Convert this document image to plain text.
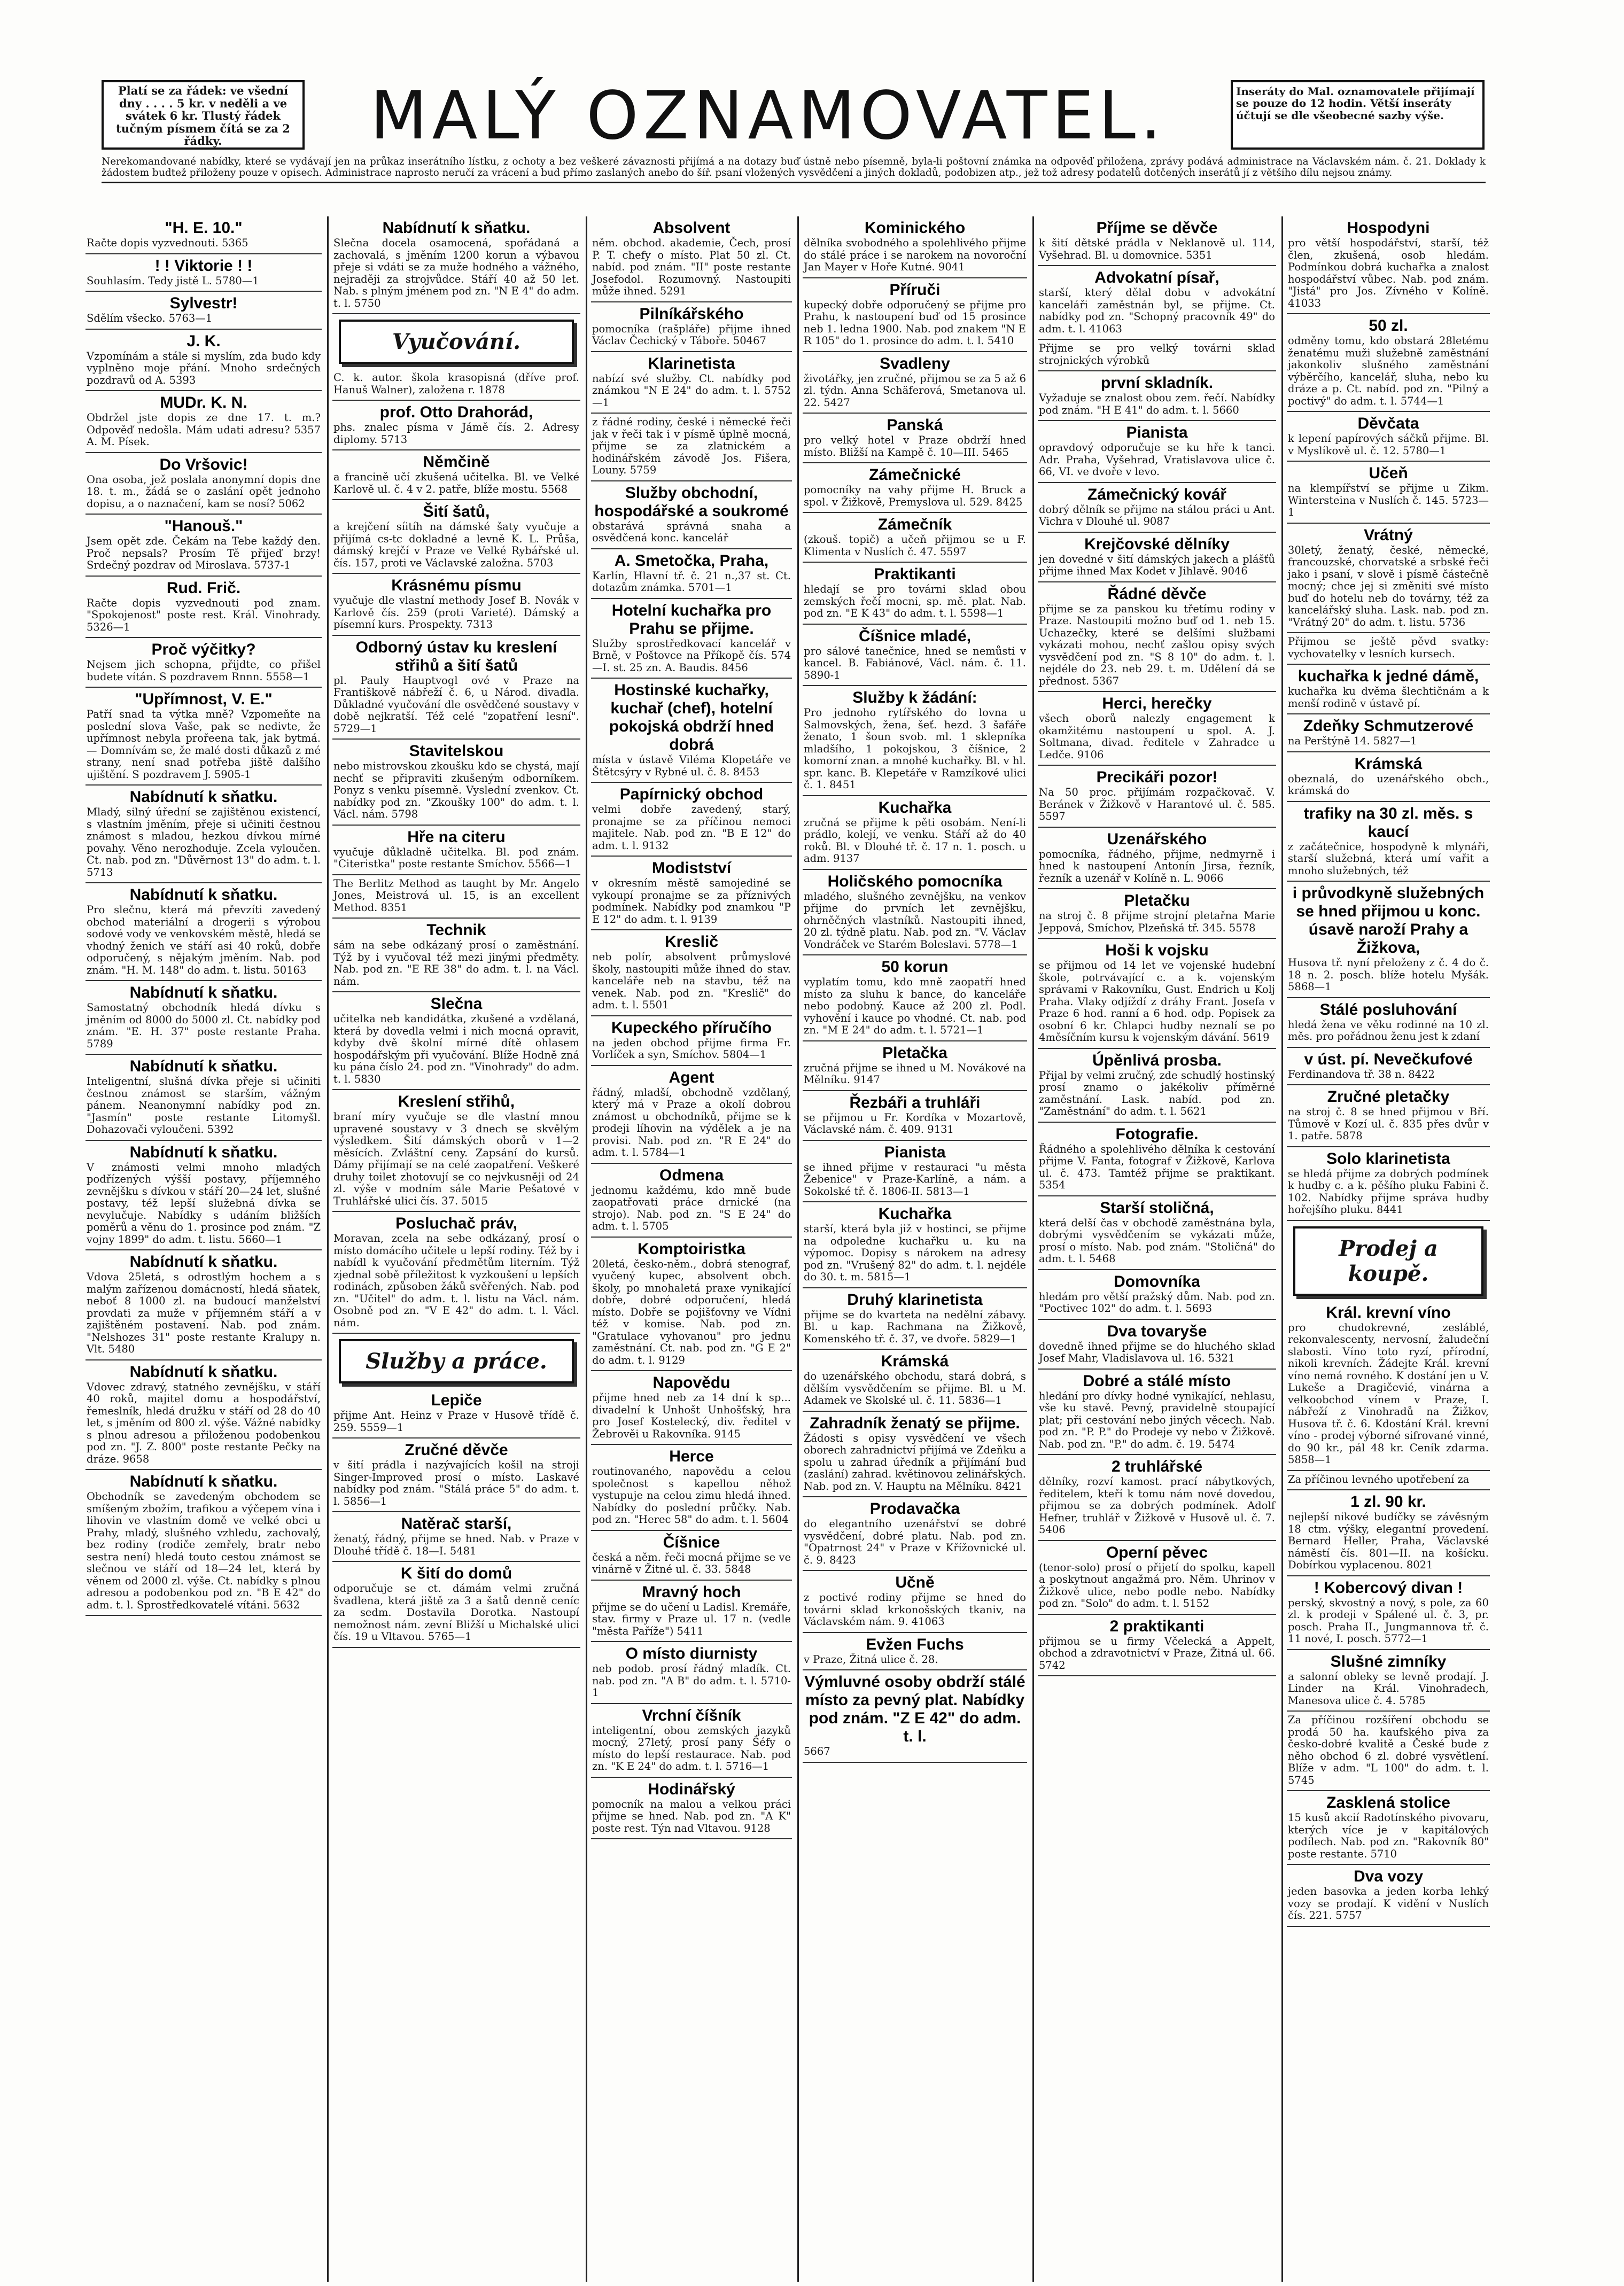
Platí se za řádek: ve všední dny . . . . 5 kr. v neděli a ve svátek 6 kr. Tlustý řádek tučným písmem čítá se za 2 řádky.	MALÝ OZNAMOVATEL.	Inseráty do Mal. oznamovatele přijímají se pouze do 12 hodin. Větší inseráty účtují se dle všeobecné sazby výše.
Nerekomandované nabídky, které se vydávají jen na průkaz inserátního lístku, z ochoty a bez veškeré závaznosti přijímá a na dotazy buď ústně nebo písemně, byla-li poštovní známka na odpověď přiložena, zprávy podává administrace na Václavském nám. č. 21. Doklady k žádostem budtež přiloženy pouze v opisech. Administrace naprosto neručí za vrácení a bud přímo zaslaných anebo do šíř. psaní vložených vysvědčení a jiných dokladů, podobizen atp., jež tož adresy podatelů dotčených inserátů jí z většího dílu nejsou známy.
"H. E. 10."
Račte dopis vyzvednouti. 5365
! ! Viktorie ! !
Souhlasím. Tedy jistě L. 5780—1
Sylvestr!
Sdělím všecko. 5763—1
J. K.
Vzpomínám a stále si myslím, zda budo kdy vyplněno moje přání. Mnoho srdečných pozdravů od A. 5393
MUDr. K. N.
Obdržel jste dopis ze dne 17. t. m.? Odpověď nedošla. Mám udati adresu? 5357 A. M. Písek.
Do Vršovic!
Ona osoba, jež poslala anonymní dopis dne 18. t. m., žádá se o zaslání opět jednoho dopisu, a o naznačení, kam se nosí? 5062
"Hanouš."
Jsem opět zde. Čekám na Tebe každý den. Proč nepsals? Prosím Tě přijeď brzy! Srdečný pozdrav od Miroslava. 5737-1
Rud. Frič.
Račte dopis vyzvednouti pod znam. "Spokojenost" poste rest. Král. Vinohrady. 5326—1
Proč výčitky?
Nejsem jich schopna, přijdte, co přišel budete vítán. S pozdravem Rnnn. 5558—1
"Upřímnost, V. E."
Patří snad ta výtka mně? Vzpomeňte na poslední slova Vaše, pak se nedivte, že upřímnost nebyla prořeena tak, jak bytmá. — Domnívám se, že malé dosti důkazů z mé strany, není snad potřeba jiště dalšího ujištění. S pozdravem J. 5905-1
Nabídnutí k sňatku.
Mladý, silný úřední se zajištěnou existencí, s vlastním jměním, přeje si učiniti čestnou známost s mladou, hezkou dívkou mírné povahy. Věno nerozhoduje. Zcela vyloučen. Ct. nab. pod zn. "Důvěrnost 13" do adm. t. l. 5713
Nabídnutí k sňatku.
Pro slečnu, která má převzíti zavedený obchod materiální a drogerii s výrobou sodové vody ve venkovském městě, hledá se vhodný ženich ve stáří asi 40 roků, dobře odporučený, s nějakým jměním. Nab. pod znám. "H. M. 148" do adm. t. listu. 50163
Nabídnutí k sňatku.
Samostatný obchodník hledá dívku s jměním od 8000 do 5000 zl. Ct. nabídky pod znám. "E. H. 37" poste restante Praha. 5789
Nabídnutí k sňatku.
Inteligentní, slušná dívka přeje si učiniti čestnou známost se starším, vážným pánem. Neanonymní nabídky pod zn. "Jasmín" poste restante Litomyšl. Dohazovači vyloučeni. 5392
Nabídnutí k sňatku.
V známosti velmi mnoho mladých podřízených výšší postavy, příjemného zevnějšku s dívkou v stáří 20—24 let, slušné postavy, též lepší služebná dívka se nevylučuje. Nabídky s udáním bližších poměrů a věnu do 1. prosince pod znám. "Z vojny 1899" do adm. t. listu. 5660—1
Nabídnutí k sňatku.
Vdova 25letá, s odrostlým hochem a s malým zařízenou domácností, hledá sňatek, neboť 8 1000 zl. na budoucí manželství provdati za muže v příjemném stáří a v zajištěném postavení. Nab. pod znám. "Nelshozes 31" poste restante Kralupy n. Vlt. 5480
Nabídnutí k sňatku.
Vdovec zdravý, statného zevnějšku, v stáří 40 roků, majitel domu a hospodářství, řemeslník, hledá družku v stáří od 28 do 40 let, s jměním od 800 zl. výše. Vážné nabídky s plnou adresou a přiloženou podobenkou pod zn. "J. Z. 800" poste restante Pečky na dráze. 9658
Nabídnutí k sňatku.
Obchodník se zavedeným obchodem se smíšeným zbožím, trafikou a výčepem vína i lihovin ve vlastním domě ve velké obci u Prahy, mladý, slušného vzhledu, zachovalý, bez rodiny (rodiče zemřely, bratr nebo sestra není) hledá touto cestou známost se slečnou ve stáří od 18—24 let, která by věnem od 2000 zl. výše. Ct. nabídky s plnou adresou a podobenkou pod zn. "B E 42" do adm. t. l. Sprostředkovatelé vítáni. 5632
Nabídnutí k sňatku.
Slečna docela osamocená, spořádaná a zachovalá, s jměním 1200 korun a výbavou přeje si vdáti se za muže hodného a vážného, nejraději za strojvůdce. Stáří 40 až 50 let. Nab. s plným jménem pod zn. "N E 4" do adm. t. l. 5750
Vyučování.
C. k. autor. škola krasopisná (dříve prof. Hanuš Walner), založena r. 1878
prof. Otto Drahorád,
phs. znalec písma v Jámě čís. 2. Adresy diplomy. 5713
Němčině
a francině učí zkušená učitelka. Bl. ve Velké Karlově ul. č. 4 v 2. patře, blíže mostu. 5568
Šití šatů,
a krejčení síitíh na dámské šaty vyučuje a přijímá cs-tc dokladné a levně K. L. Průša, dámský krejčí v Praze ve Velké Rybářské ul. čís. 157, proti ve Václavské založna. 5703
Krásnému písmu
vyučuje dle vlastní methody Josef B. Novák v Karlově čís. 259 (proti Varieté). Dámský a písemní kurs. Prospekty. 7313
Odborný ústav ku kreslení střihů a šití šatů
pl. Pauly Hauptvogl ové v Praze na Františkově nábřeží č. 6, u Národ. divadla. Důkladné vyučování dle osvědčené soustavy v době nejkratší. Též celé "zopatření lesní". 5729—1
Stavitelskou
nebo mistrovskou zkoušku kdo se chystá, mají nechť se připraviti zkušeným odborníkem. Ponyz s venku písemně. Vyslední zvenkov. Ct. nabídky pod zn. "Zkoušky 100" do adm. t. l. Václ. nám. 5798
Hře na citeru
vyučuje důkladně učitelka. Bl. pod znám. "Citeristka" poste restante Smíchov. 5566—1
The Berlitz Method as taught by Mr. Angelo Jones, Meistrová ul. 15, is an excellent Method. 8351
Technik
sám na sebe odkázaný prosí o zaměstnání. Týž by i vyučoval též mezi jinými předměty. Nab. pod zn. "E RE 38" do adm. t. l. na Václ. nám.
Slečna
učitelka neb kandidátka, zkušené a vzdělaná, která by dovedla velmi i nich mocná opravit, kdyby dvě školní mírné dítě ohlasem hospodářským při vyučování. Blíže Hodně zná ku pána číslo 24. pod zn. "Vinohrady" do adm. t. l. 5830
Kreslení střihů,
braní míry vyučuje se dle vlastní mnou upravené soustavy v 3 dnech se skvělým výsledkem. Šití dámských oborů v 1—2 měsících. Zvláštní ceny. Zapsání do kursů. Dámy přijímají se na celé zaopatření. Veškeré druhy toilet zhotovují se co nejvkusněji od 24 zl. výše v modním sále Marie Pešatové v Truhlářské ulici čís. 37. 5015
Posluchač práv,
Moravan, zcela na sebe odkázaný, prosí o místo domácího učitele u lepší rodiny. Též by i nabídl k vyučování předmětům literním. Týž zjednal sobě příležitost k vyzkoušení u lepších rodinách, způsoben žáků svěřených. Nab. pod zn. "Učitel" do adm. t. l. listu na Václ. nám. Osobně pod zn. "V E 42" do adm. t. l. Václ. nám.
Služby a práce.
Lepiče
přijme Ant. Heinz v Praze v Husově třídě č. 259. 5559—1
Zručné děvče
v šití prádla i nazývajících košil na stroji Singer-Improved prosí o místo. Laskavé nabídky pod znám. "Stálá práce 5" do adm. t. l. 5856—1
Natěrač starší,
ženatý, řádný, přijme se hned. Nab. v Praze v Dlouhé třídě č. 18—I. 5481
K šití do domů
odporučuje se ct. dámám velmi zručná švadlena, která jiště za 3 a šatů denně ceníc za sedm. Dostavila Dorotka. Nastoupí nemožnost nám. zevní Bližší u Michalské ulici čís. 19 u Vltavou. 5765—1
Absolvent
něm. obchod. akademie, Čech, prosí P. T. chefy o místo. Plat 50 zl. Ct. nabíd. pod znám. "II" poste restante Josefodol. Rozumovný. Nastoupiti může ihned. 5291
Pilníkářského
pomocníka (rašpláře) přijme ihned Václav Čechický v Táboře. 50467
Klarinetista
nabízí své služby. Ct. nabídky pod známkou "N E 24" do adm. t. l. 5752—1
z řádné rodiny, české i německé řeči jak v řeči tak i v písmě úplně mocná, přijme se za zlatnickém a hodinářském závodě Jos. Fišera, Louny. 5759
Služby obchodní, hospodářské a soukromé
obstarává správná snaha a osvědčená konc. kancelář
A. Smetočka, Praha,
Karlín, Hlavní tř. č. 21 n.,37 st. Ct. dotazům známka. 5701—1
Hotelní kuchařka pro Prahu se přijme.
Služby sprostředkovací kancelář v Brně, v Poštovce na Příkopě čís. 574—I. st. 25 zn. A. Baudis. 8456
Hostinské kuchařky, kuchař (chef), hotelní pokojská obdrží hned dobrá
místa v ústavě Viléma Klopetáře ve Štětcsýry v Rybné ul. č. 8. 8453
Papírnický obchod
velmi dobře zavedený, starý, pronajme se za příčinou nemoci majitele. Nab. pod zn. "B E 12" do adm. t. l. 9132
Modistství
v okresním městě samojediné se vykoupí pronajme se za příznivých podmínek. Nabídky pod znamkou "P E 12" do adm. t. l. 9139
Kreslič
neb polír, absolvent průmyslové školy, nastoupiti může ihned do stav. kanceláře neb na stavbu, též na venek. Nab. pod zn. "Kreslič" do adm. t. l. 5501
Kupeckého příručího
na jeden obchod přijme firma Fr. Vorlíček a syn, Smíchov. 5804—1
Agent
řádný, mladší, obchodně vzdělaný, který má v Praze a okolí dobrou známost u obchodníků, přijme se k prodeji líhovin na výdělek a je na provisi. Nab. pod zn. "R E 24" do adm. t. l. 5784—1
Odmena
jednomu každému, kdo mně bude zaopatřovati práce drnické (na strojo). Nab. pod zn. "S E 24" do adm. t. l. 5705
Komptoiristka
20letá, česko-něm., dobrá stenograf, vyučený kupec, absolvent obch. školy, po mnohaletá praxe vynikající dobře, dobré odporučení, hledá místo. Dobře se pojišťovny ve Vídni též v komise. Nab. pod zn. "Gratulace vyhovanou" pro jednu zaměstnání. Ct. nab. pod zn. "G E 2" do adm. t. l. 9129
Napovědu
přijme hned neb za 14 dní k sp... divadelní k Unhošt Unhošťský, hra pro Josef Kostelecký, div. ředitel v Žebrověi u Rakovníka. 9145
Herce
routinovaného, napovědu a celou společnost s kapellou něhož vystupuje na celou zimu hledá ihned. Nabídky do poslední průčky. Nab. pod zn. "Herec 58" do adm. t. l. 5604
Číšnice
česká a něm. řeči mocná přijme se ve vinárně v Žitné ul. č. 33. 5848
Mravný hoch
přijme se do učení u Ladisl. Kremáře, stav. firmy v Praze ul. 17 n. (vedle "města Paříže") 5411
O místo diurnisty
neb podob. prosí řádný mladík. Ct. nab. pod zn. "A B" do adm. t. l. 5710-1
Vrchní číšník
inteligentní, obou zemských jazyků mocný, 27letý, prosí pany Šéfy o místo do lepší restaurace. Nab. pod zn. "K E 24" do adm. t. l. 5716—1
Hodinářský
pomocník na malou a velkou práci přijme se hned. Nab. pod zn. "A K" poste rest. Týn nad Vltavou. 9128
Kominického
dělníka svobodného a spolehlivého přijme do stálé práce i se narokem na novoroční Jan Mayer v Hoře Kutné. 9041
Příruči
kupecký dobře odporučený se přijme pro Prahu, k nastoupení buď od 15 prosince neb 1. ledna 1900. Nab. pod znakem "N E R 105" do 1. prosince do adm. t. l. 5410
Svadleny
životářky, jen zručné, přijmou se za 5 až 6 zl. týdn. Anna Schäferová, Smetanova ul. 22. 5427
Panská
pro velký hotel v Praze obdrží hned místo. Bližší na Kampě č. 10—III. 5465
Zámečnické
pomocníky na vahy přijme H. Bruck a spol. v Žižkově, Premyslova ul. 529. 8425
Zámečník
(zkouš. topič) a učeň přijmou se u F. Klimenta v Nuslích č. 47. 5597
Praktikanti
hledají se pro továrni sklad obou zemských řečí mocni, sp. mě. plat. Nab. pod zn. "E K 43" do adm. t. l. 5598—1
Číšnice mladé,
pro sálové tanečnice, hned se nemůsti v kancel. B. Fabiánové, Václ. nám. č. 11. 5890-1
Služby k žádání:
Pro jednoho rytířského do lovna u Salmovských, žena, šeť. hezd. 3 šafáře ženato, 1 šoun svob. ml. 1 sklepníka mladšího, 1 pokojskou, 3 číšnice, 2 komorní znan. a mnohé kuchařky. Bl. v hl. spr. kanc. B. Klepetáře v Ramzíkové ulici č. 1. 8451
Kuchařka
zručná se přijme k pěti osobám. Není-li prádlo, kolejí, ve venku. Stáří až do 40 roků. Bl. v Dlouhé tř. č. 17 n. 1. posch. u adm. 9137
Holičského pomocníka
mladého, slušného zevnějšku, na venkov přijme do prvních let zevnějšku, ohrněčných vlastníků. Nastoupiti ihned, 20 zl. týdně platu. Nab. pod zn. "V. Václav Vondráček ve Starém Boleslavi. 5778—1
50 korun
vyplatím tomu, kdo mně zaopatří hned místo za sluhu k bance, do kanceláře nebo podobný. Kauce až 200 zl. Podl. vyhovění i kauce po vhodné. Ct. nab. pod zn. "M E 24" do adm. t. l. 5721—1
Pletačka
zručná přijme se ihned u M. Novákové na Mělníku. 9147
Řezbáři a truhláři
se přijmou u Fr. Kordíka v Mozartově, Václavské nám. č. 409. 9131
Pianista
se ihned přijme v restauraci "u města Žebenice" v Praze-Karlíně, a nám. a Sokolské tř. č. 1806-II. 5813—1
Kuchařka
starší, která byla již v hostinci, se přijme na odpoledne kuchařku u. ku na výpomoc. Dopisy s nárokem na adresy pod zn. "Vrušený 82" do adm. t. l. nejdéle do 30. t. m. 5815—1
Druhý klarinetista
přijme se do kvarteta na nedělní zábavy. Bl. u kap. Rachmana na Žižkově, Komenského tř. č. 37, ve dvoře. 5829—1
Krámská
do uzenářského obchodu, stará dobrá, s dělším vysvědčením se přijme. Bl. u M. Adamek ve Skolské ul. č. 11. 5836—1
Zahradník ženatý se přijme.
Žádosti s opisy vysvědčení ve všech oborech zahradnictví přijímá ve Zdeňku a spolu u zahrad úředník a přijímání bud (zaslání) zahrad. květinovou zelinářských. Nab. pod zn. V. Hauptu na Mělníku. 8421
Prodavačka
do elegantního uzenářství se dobré vysvědčení, dobré platu. Nab. pod zn. "Opatrnost 24" v Praze v Křížovnické ul. č. 9. 8423
Učně
z poctivé rodiny přijme se hned do továrni sklad krkonošských tkaniv, na Václavském nám. 9. 41063
Evžen Fuchs
v Praze, Žitná ulice č. 28.
Výmluvné osoby obdrží stálé místo za pevný plat. Nabídky pod znám. "Z E 42" do adm. t. l.
5667
Příjme se děvče
k šití dětské prádla v Neklanově ul. 114, Vyšehrad. Bl. u domovnice. 5351
Advokatní písař,
starší, který dělal dobu v advokátní kanceláři zaměstnán byl, se přijme. Ct. nabídky pod zn. "Schopný pracovník 49" do adm. t. l. 41063
Přijme se pro velký továrni sklad strojnických výrobků
první skladník.
Vyžaduje se znalost obou zem. řečí. Nabídky pod znám. "H E 41" do adm. t. l. 5660
Pianista
opravdový odporučuje se ku hře k tanci. Adr. Praha, Vyšehrad, Vratislavova ulice č. 66, VI. ve dvoře v levo.
Zámečnický kovář
dobrý dělník se přijme na stálou práci u Ant. Vichra v Dlouhé ul. 9087
Krejčovské dělníky
jen dovedné v šití dámských jakech a plášťů přijme ihned Max Kodet v Jihlavě. 9046
Řádné děvče
přijme se za panskou ku třetímu rodiny v Praze. Nastoupiti možno buď od 1. neb 15. Uchazečky, které se delšími službami vykázati mohou, nechť zašlou opisy svých vysvědčení pod zn. "S 8 10" do adm. t. l. nejdéle do 23. neb 29. t. m. Udělení dá se přednost. 5367
Herci, herečky
všech oborů nalezly engagement k okamžitému nastoupení u spol. A. J. Soltmana, divad. ředitele v Zahradce u Ledče. 9106
Precikáři pozor!
Na 50 proc. přijímám rozpačkovač. V. Beránek v Žižkově v Harantové ul. č. 585. 5597
Uzenářského
pomocníka, řádného, přijme, nedmyrně i hned k nastoupení Antonín Jirsa, řezník, řezník a uzenář v Kolíně n. L. 9066
Pletačku
na stroj č. 8 přijme strojní pletařna Marie Jeppová, Smíchov, Plzeňská tř. 345. 5578
Hoši k vojsku
se přijmou od 14 let ve vojenské hudební škole, potrvávající c. a k. vojenským správami v Rakovníku, Gust. Endrich u Kolj Praha. Vlaky odjíždí z dráhy Frant. Josefa v Praze 6 hod. ranní a 6 hod. odp. Popisek za osobní 6 kr. Chlapci hudby neznalí se po 4měsíčním kursu k vojenským dávání. 5619
Úpěnlivá prosba.
Přijal by velmi zručný, zde schudlý hostinský prosí znamo o jakékoliv příměrné zaměstnání. Lask. nabíd. pod zn. "Zaměstnání" do adm. t. l. 5621
Fotografie.
Řádného a spolehlivého dělníka k cestování přijme V. Fanta, fotograf v Žižkově, Karlova ul. č. 473. Tamtéž přijme se praktikant. 5354
Starší stoličná,
která delší čas v obchodě zaměstnána byla, dobrými vysvědčením se vykázati může, prosí o místo. Nab. pod znám. "Stoličná" do adm. t. l. 5468
Domovníka
hledám pro větší pražský dům. Nab. pod zn. "Poctivec 102" do adm. t. l. 5693
Dva tovaryše
dovedně ihned přijme se do hluchého sklad Josef Mahr, Vladislavova ul. 16. 5321
Dobré a stálé místo
hledání pro dívky hodné vynikající, nehlasu, vše ku stavě. Pevný, pravidelně stoupající plat; při cestování nebo jiných věcech. Nab. pod zn. "P. P." do Prodeje vy nebo v Žižkově. Nab. pod zn. "P." do adm. č. 19. 5474
2 truhlářské
dělníky, rozví kamost. prací nábytkových, ředitelem, kteří k tomu nám nové dovedou, přijmou se za dobrých podmínek. Adolf Hefner, truhlář v Žižkově v Husově ul. č. 7. 5406
Operní pěvec
(tenor-solo) prosí o přijetí do spolku, kapell a poskytnout angažmá pro. Něm. Uhrinov v Žižkově ulice, nebo podle nebo. Nabídky pod zn. "Solo" do adm. t. l. 5152
2 praktikanti
přijmou se u firmy Včelecká a Appelt, obchod a zdravotnictví v Praze, Žitná ul. 66. 5742
Hospodyni
pro větší hospodářství, starší, též člen, zkušená, osob hledám. Podmínkou dobrá kuchařka a znalost hospodářství vůbec. Nab. pod znám. "Jistá" pro Jos. Zívného v Kolíně. 41033
50 zl.
odměny tomu, kdo obstará 28letému ženatému muži služebně zaměstnání jakonkoliv slušného zaměstnání výběrčího, kancelář, sluha, nebo ku dráze a p. Ct. nabíd. pod zn. "Pilný a poctivý" do adm. t. l. 5744—1
Děvčata
k lepení papírových sáčků přijme. Bl. v Myslíkově ul. č. 12. 5780—1
Učeň
na klempířství se přijme u Zikm. Wintersteina v Nuslích č. 145. 5723—1
Vrátný
30letý, ženatý, české, německé, francouzské, chorvatské a srbské řeči jako i psaní, v slově i písmě částečně mocný; chce jej si změniti své místo buď do hotelu neb do továrny, též za kancelářský sluha. Lask. nab. pod zn. "Vrátný 20" do adm. t. listu. 5736
Přijmou se ještě pěvd svatky: vychovatelky v lesních kursech.
kuchařka k jedné dámě,
kuchařka ku dvěma šlechtičnám a k menší rodině v ústavě pí.
Zdeňky Schmutzerové
na Perštýně 14. 5827—1
Krámská
obeznalá, do uzenářského obch., krámská do
trafiky na 30 zl. měs. s kaucí
z začátečnice, hospodyně k mlynáři, starší služebná, která umí vařit a mnoho služebných, též
i průvodkyně služebných se hned přijmou u konc. úsavě naroží Prahy a Žižkova,
Husova tř. nyní přeloženy z č. 4 do č. 18 n. 2. posch. blíže hotelu Myšák. 5868—1
Stálé posluhování
hledá žena ve věku rodinné na 10 zl. měs. pro pořádnou ženu jest k zdaní
v úst. pí. Nevečkufové
Ferdinandova tř. 38 n. 8422
Zručné pletačky
na stroj č. 8 se hned přijmou v Bří. Tůmově v Kozí ul. č. 835 přes dvůr v 1. patře. 5878
Solo klarinetista
se hledá přijme za dobrých podmínek k hudby c. a k. pěšího pluku Fabini č. 102. Nabídky přijme správa hudby hořejšího pluku. 8441
Prodej a koupě.
Král. krevní víno
pro chudokrevné, zesláblé, rekonvalescenty, nervosní, žaludeční slabosti. Víno toto ryzí, přírodní, nikoli krevních. Žádejte Král. krevní víno nemá rovného. K dostání jen u V. Lukeše a Dragičevié, vinárna a velkoobchod vínem v Praze, I. nábřeží z Vinohradů na Žižkov, Husova tř. č. 6. Kdostání Král. krevní víno - prodej výborné sifrované vinné, do 90 kr., pál 48 kr. Ceník zdarma. 5858—1
Za příčinou levného upotřebení za
1 zl. 90 kr.
nejlepší nikové budíčky se závěsným 18 ctm. výšky, elegantní provedení. Bernard Heller, Praha, Václavské náměstí čís. 801—II. na košícku. Dobírkou vyplacenou. 8021
! Kobercový divan !
perský, skvostný a nový, s pole, za 60 zl. k prodeji v Spálené ul. č. 3, pr. posch. Praha II., Jungmannova tř. č. 11 nové, I. posch. 5772—1
Slušné zimníky
a salonní obleky se levně prodají. J. Linder na Král. Vinohradech, Manesova ulice č. 4. 5785
Za příčinou rozšíření obchodu se prodá 50 ha. kaufského piva za česko-dobré kvalitě a České bude z něho obchod 6 zl. dobré vysvětlení. Blíže v adm. "L 100" do adm. t. l. 5745
Zasklená stolice
15 kusů akcií Radotínského pivovaru, kterých více je v kapitálových podílech. Nab. pod zn. "Rakovník 80" poste restante. 5710
Dva vozy
jeden basovka a jeden korba lehký vozy se prodají. K vidění v Nuslích čís. 221. 5757
